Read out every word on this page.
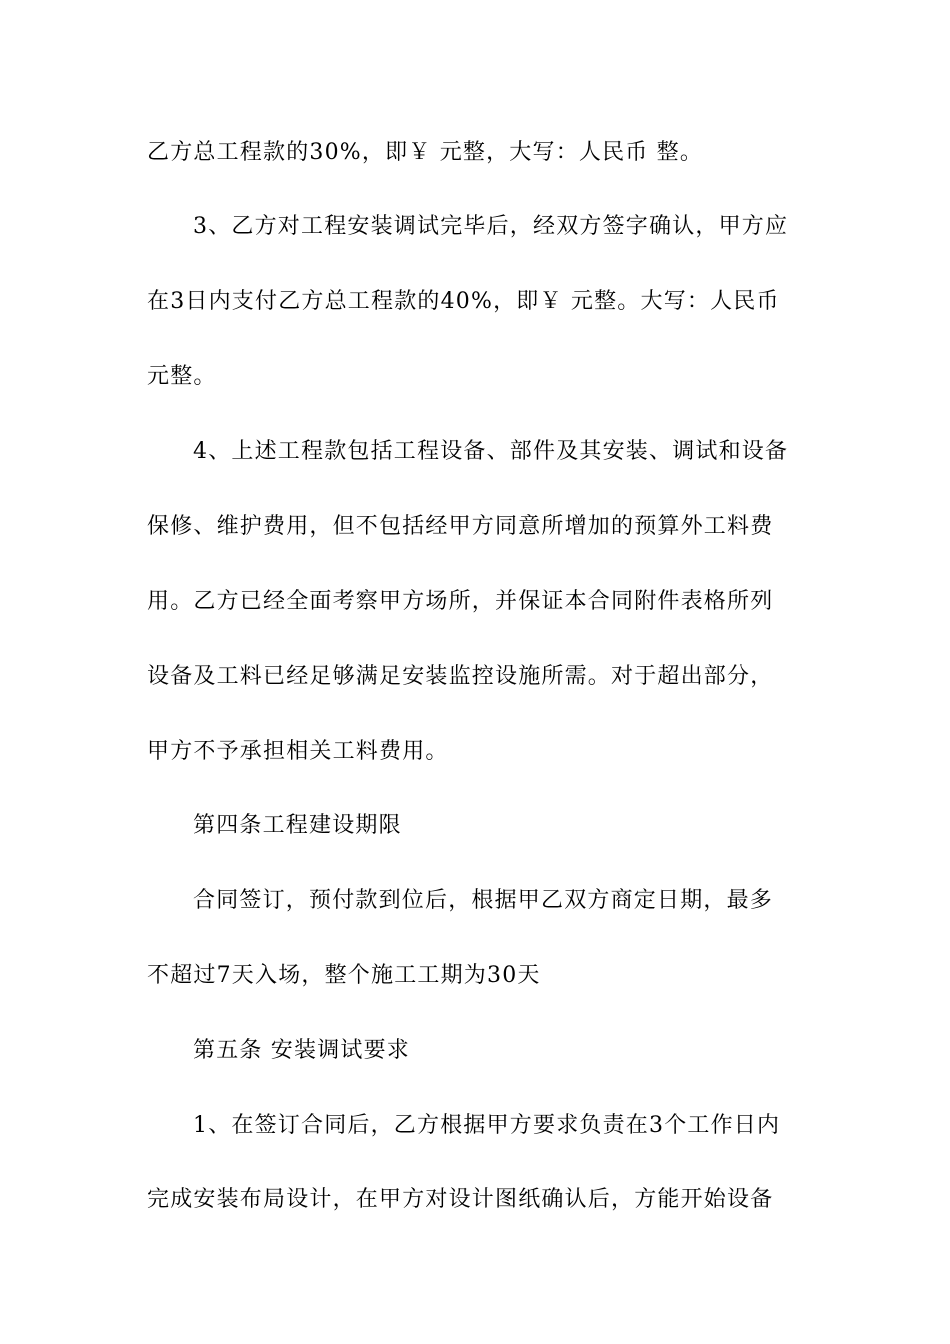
乙方总工程款的30%，即￥ 元整，大写：人民币 整。
3、乙方对工程安装调试完毕后，经双方签字确认，甲方应
在3日内支付乙方总工程款的40%，即￥ 元整。大写：人民币
元整。
4、上述工程款包括工程设备、部件及其安装、调试和设备
保修、维护费用，但不包括经甲方同意所增加的预算外工料费
用。乙方已经全面考察甲方场所，并保证本合同附件表格所列
设备及工料已经足够满足安装监控设施所需。对于超出部分，
甲方不予承担相关工料费用。
第四条工程建设期限
合同签订，预付款到位后，根据甲乙双方商定日期，最多
不超过7天入场，整个施工工期为30天
第五条 安装调试要求
1、在签订合同后，乙方根据甲方要求负责在3个工作日内
完成安装布局设计，在甲方对设计图纸确认后，方能开始设备
